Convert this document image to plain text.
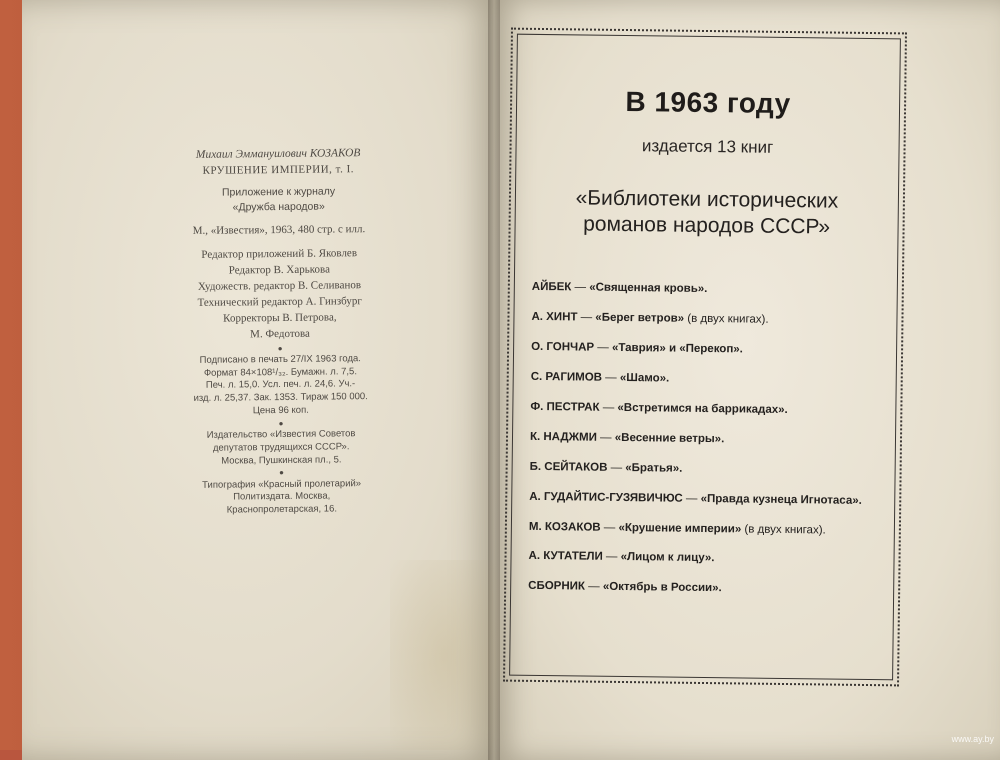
Михаил Эммануилович КОЗАКОВ
КРУШЕНИЕ ИМПЕРИИ, т. I.
Приложение к журналу
«Дружба народов»
М., «Известия», 1963, 480 стр. с илл.
Редактор приложений Б. Яковлев
Редактор В. Харькова
Художеств. редактор В. Селиванов
Технический редактор А. Гинзбург
Корректоры В. Петрова,
М. Федотова
●
Подписано в печать 27/IX 1963 года.
Формат 84×108¹/₃₂. Бумажн. л. 7,5.
Печ. л. 15,0. Усл. печ. л. 24,6. Уч.-
изд. л. 25,37. Зак. 1353. Тираж 150 000.
Цена 96 коп.
●
Издательство «Известия Советов
депутатов трудящихся СССР».
Москва, Пушкинская пл., 5.
●
Типография «Красный пролетарий»
Политиздата. Москва,
Краснопролетарская, 16.
В 1963 году
издается 13 книг
«Библиотеки исторических
романов народов СССР»
АЙБЕК — «Священная кровь».
А. ХИНТ — «Берег ветров» (в двух книгах).
О. ГОНЧАР — «Таврия» и «Перекоп».
С. РАГИМОВ — «Шамо».
Ф. ПЕСТРАК — «Встретимся на баррикадах».
К. НАДЖМИ — «Весенние ветры».
Б. СЕЙТАКОВ — «Братья».
А. ГУДАЙТИС-ГУЗЯВИЧЮС — «Правда кузнеца Игнотаса».
М. КОЗАКОВ — «Крушение империи» (в двух книгах).
А. КУТАТЕЛИ — «Лицом к лицу».
СБОРНИК — «Октябрь в России».
www.ay.by
